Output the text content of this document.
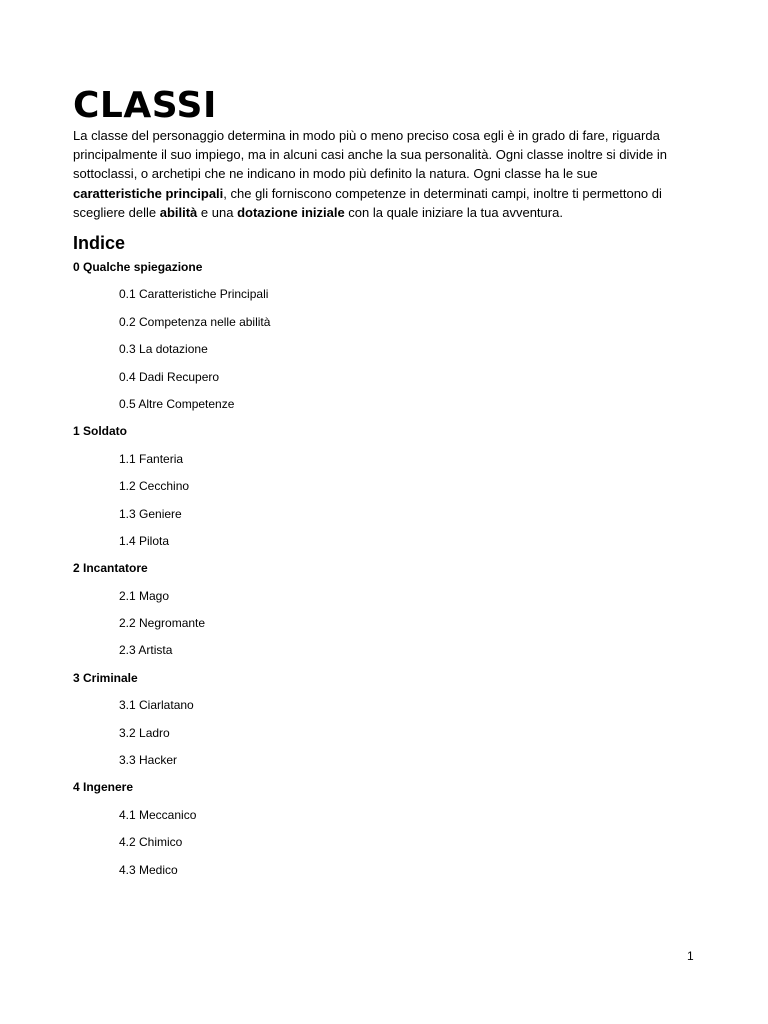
CLASSI

La classe del personaggio determina in modo più o meno preciso cosa egli è in grado di fare, riguarda principalmente il suo impiego, ma in alcuni casi anche la sua personalità. Ogni classe inoltre si divide in sottoclassi, o archetipi che ne indicano in modo più definito la natura. Ogni classe ha le sue caratteristiche principali, che gli forniscono competenze in determinati campi, inoltre ti permettono di scegliere delle abilità e una dotazione iniziale con la quale iniziare la tua avventura.

Indice
0 Qualche spiegazione
0.1 Caratteristiche Principali
0.2 Competenza nelle abilità
0.3 La dotazione
0.4 Dadi Recupero
0.5 Altre Competenze
1 Soldato
1.1 Fanteria
1.2 Cecchino
1.3 Geniere
1.4 Pilota
2 Incantatore
2.1 Mago
2.2 Negromante
2.3 Artista
3 Criminale
3.1 Ciarlatano
3.2 Ladro
3.3 Hacker
4 Ingenere
4.1 Meccanico
4.2 Chimico
4.3 Medico
1
